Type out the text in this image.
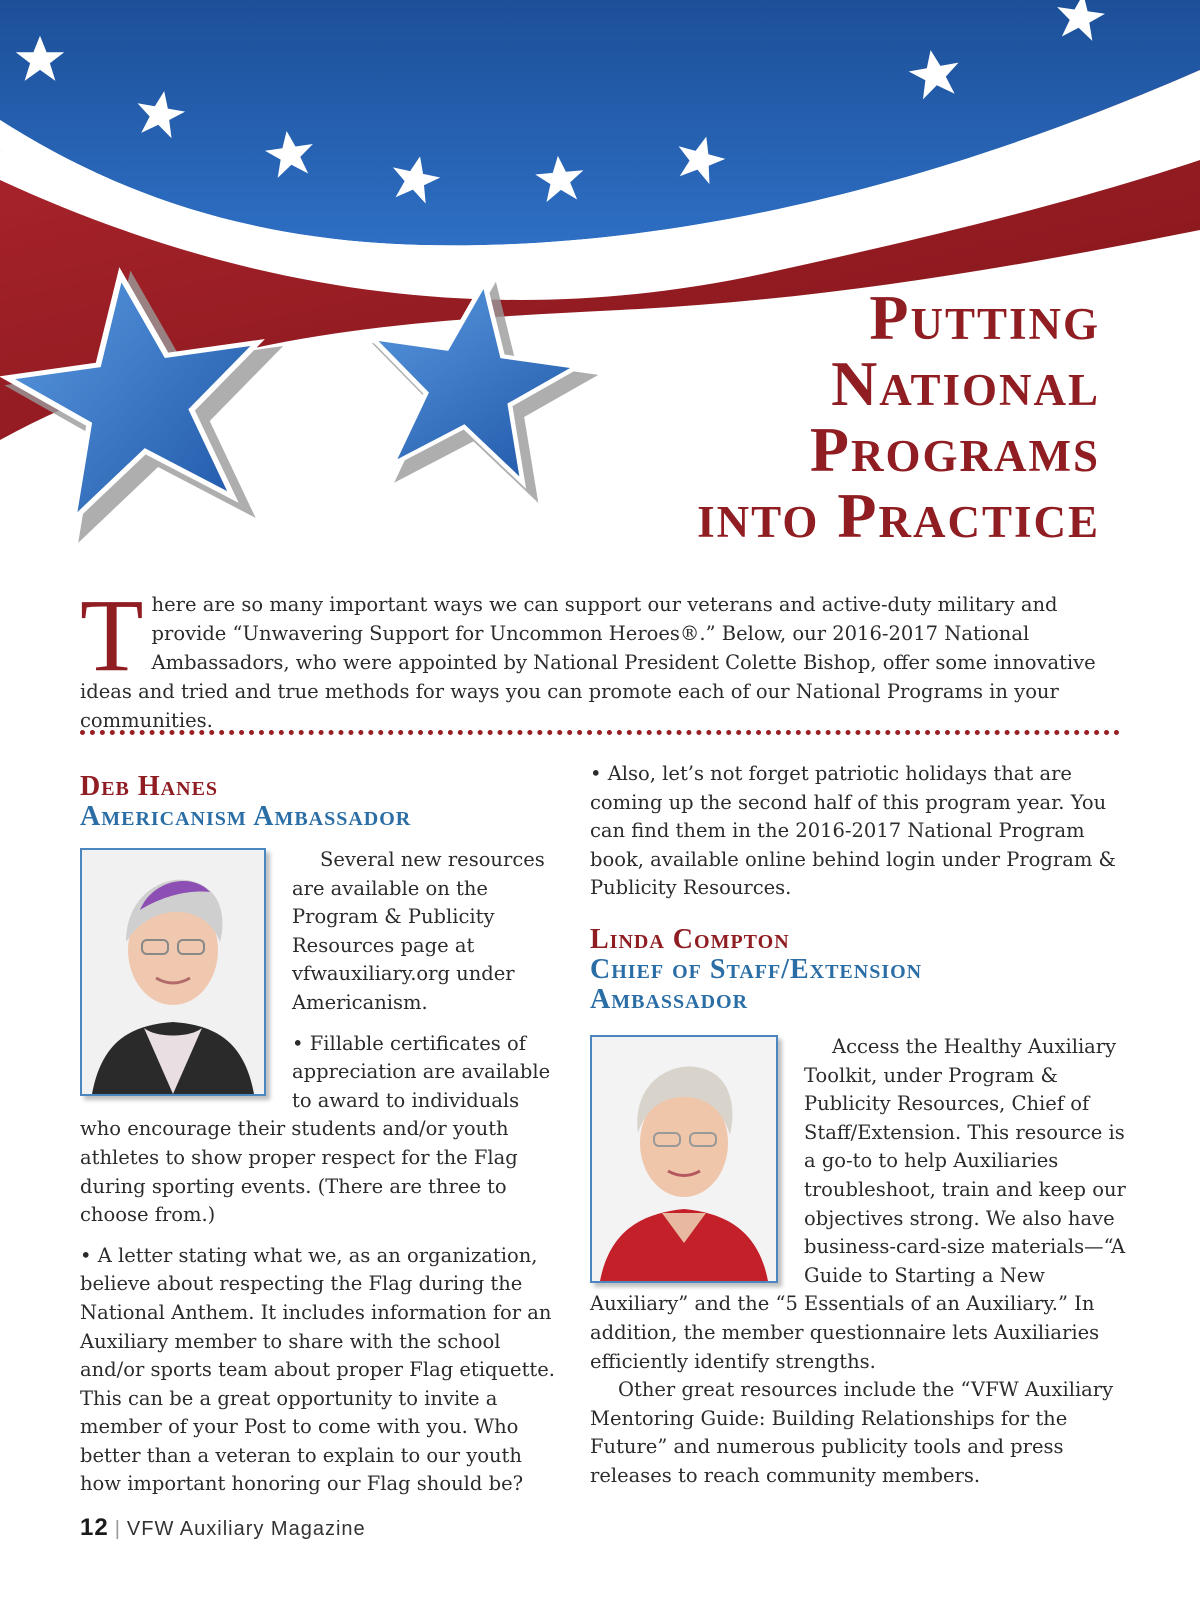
Putting
National
Programs
into Practice
T here are so many important ways we can support our veterans and active-duty military and provide “Unwavering Support for Uncommon Heroes®.” Below, our 2016-2017 National Ambassadors, who were appointed by National President Colette Bishop, offer some innovative ideas and tried and true methods for ways you can promote each of our National Programs in your communities.
Deb Hanes
Americanism Ambassador

Several new resources are available on the Program & Publicity Resources page at vfwauxiliary.org under Americanism.

• Fillable certificates of appreciation are available to award to individuals who encourage their students and/or youth athletes to show proper respect for the Flag during sporting events. (There are three to choose from.)

• A letter stating what we, as an organization, believe about respecting the Flag during the National Anthem. It includes information for an Auxiliary member to share with the school and/or sports team about proper Flag etiquette. This can be a great opportunity to invite a member of your Post to come with you. Who better than a veteran to explain to our youth how important honoring our Flag should be?

• Also, let’s not forget patriotic holidays that are coming up the second half of this program year. You can find them in the 2016-2017 National Program book, available online behind login under Program & Publicity Resources.

Linda Compton
Chief of Staff/Extension Ambassador

Access the Healthy Auxiliary Toolkit, under Program & Publicity Resources, Chief of Staff/Extension. This resource is a go-to to help Auxiliaries troubleshoot, train and keep our objectives strong. We also have business-card-size materials—“A Guide to Starting a New Auxiliary” and the “5 Essentials of an Auxiliary.” In addition, the member questionnaire lets Auxiliaries efficiently identify strengths.

Other great resources include the “VFW Auxiliary Mentoring Guide: Building Relationships for the Future” and numerous publicity tools and press releases to reach community members.

12 | VFW Auxiliary Magazine
